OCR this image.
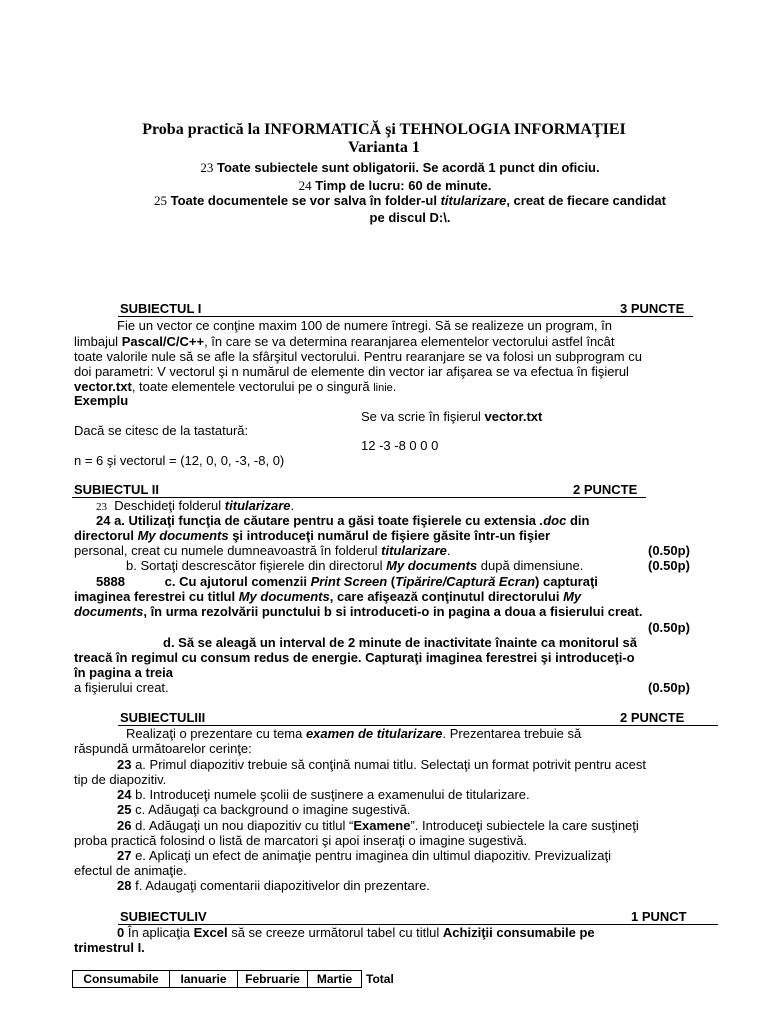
Proba practică la INFORMATICĂ şi TEHNOLOGIA INFORMAŢIEI
Varianta 1
23 Toate subiectele sunt obligatorii. Se acordă 1 punct din oficiu.
24 Timp de lucru: 60 de minute.
25 Toate documentele se vor salva în folder-ul titularizare, creat de fiecare candidat
pe discul D:\.
SUBIECTUL I	3 PUNCTE
Fie un vector ce conţine maxim 100 de numere întregi. Să se realizeze un program, în
limbajul Pascal/C/C++, în care se va determina rearanjarea elementelor vectorului astfel încât
toate valorile nule să se afle la sfârşitul vectorului. Pentru rearanjare se va folosi un subprogram cu
doi parametri: V vectorul şi n numărul de elemente din vector iar afişarea se va efectua în fişierul
vector.txt, toate elementele vectorului pe o singură linie.
Exemplu
Se va scrie în fişierul vector.txt
Dacă se citesc de la tastatură:
12 -3 -8 0 0 0
n = 6 şi vectorul = (12, 0, 0, -3, -8, 0)
SUBIECTUL II	2 PUNCTE
23 Deschideţi folderul titularizare.
24 a. Utilizaţi funcţia de căutare pentru a găsi toate fişierele cu extensia .doc din
directorul My documents şi introduceţi numărul de fişiere găsite într-un fişier
personal, creat cu numele dumneavoastră în folderul titularizare.	(0.50p)
b. Sortaţi descrescător fişierele din directorul My documents după dimensiune.	(0.50p)
5888	c. Cu ajutorul comenzii Print Screen (Tipărire/Captură Ecran) capturaţi
imaginea ferestrei cu titlul My documents, care afişează conţinutul directorului My
documents, în urma rezolvării punctului b si introduceti-o in pagina a doua a fisierului creat.
(0.50p)
d. Să se aleagă un interval de 2 minute de inactivitate înainte ca monitorul să
treacă în regimul cu consum redus de energie. Capturaţi imaginea ferestrei şi introduceţi-o
în pagina a treia
a fişierului creat.	(0.50p)
SUBIECTULIII	2 PUNCTE
Realizaţi o prezentare cu tema examen de titularizare. Prezentarea trebuie să
răspundă următoarelor cerinţe:
23 a. Primul diapozitiv trebuie să conţină numai titlu. Selectaţi un format potrivit pentru acest
tip de diapozitiv.
24 b. Introduceţi numele şcolii de susţinere a examenului de titularizare.
25 c. Adăugaţi ca background o imagine sugestivă.
26 d. Adăugaţi un nou diapozitiv cu titlul “Examene”. Introduceţi subiectele la care susţineţi
proba practică folosind o listă de marcatori şi apoi inseraţi o imagine sugestivă.
27 e. Aplicaţi un efect de animaţie pentru imaginea din ultimul diapozitiv. Previzualizaţi
efectul de animaţie.
28 f. Adaugaţi comentarii diapozitivelor din prezentare.
SUBIECTULIV	1 PUNCT
0 În aplicaţia Excel să se creeze următorul tabel cu titlul Achiziţii consumabile pe
trimestrul I.
Consumabile	Ianuarie	Februarie	Martie	Total
